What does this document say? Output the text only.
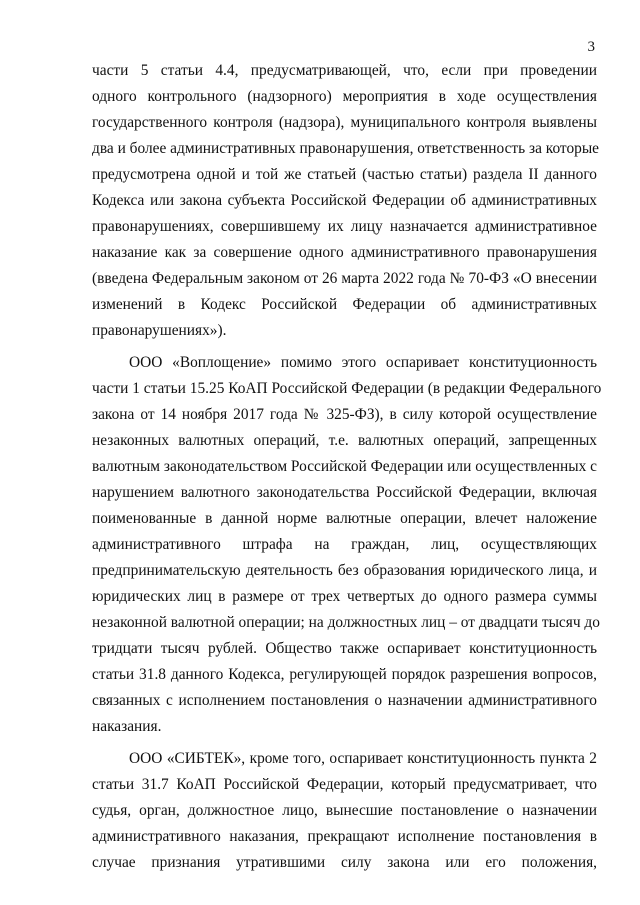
3
части 5 статьи 4.4, предусматривающей, что, если при проведении
одного контрольного (надзорного) мероприятия в ходе осуществления
государственного контроля (надзора), муниципального контроля выявлены
два и более административных правонарушения, ответственность за которые
предусмотрена одной и той же статьей (частью статьи) раздела II данного
Кодекса или закона субъекта Российской Федерации об административных
правонарушениях, совершившему их лицу назначается административное
наказание как за совершение одного административного правонарушения
(введена Федеральным законом от 26 марта 2022 года № 70-ФЗ «О внесении
изменений в Кодекс Российской Федерации об административных
правонарушениях»).
ООО «Воплощение» помимо этого оспаривает конституционность
части 1 статьи 15.25 КоАП Российской Федерации (в редакции Федерального
закона от 14 ноября 2017 года № 325-ФЗ), в силу которой осуществление
незаконных валютных операций, т.е. валютных операций, запрещенных
валютным законодательством Российской Федерации или осуществленных с
нарушением валютного законодательства Российской Федерации, включая
поименованные в данной норме валютные операции, влечет наложение
административного штрафа на граждан, лиц, осуществляющих
предпринимательскую деятельность без образования юридического лица, и
юридических лиц в размере от трех четвертых до одного размера суммы
незаконной валютной операции; на должностных лиц – от двадцати тысяч до
тридцати тысяч рублей. Общество также оспаривает конституционность
статьи 31.8 данного Кодекса, регулирующей порядок разрешения вопросов,
связанных с исполнением постановления о назначении административного
наказания.
ООО «СИБТЕК», кроме того, оспаривает конституционность пункта 2
статьи 31.7 КоАП Российской Федерации, который предусматривает, что
судья, орган, должностное лицо, вынесшие постановление о назначении
административного наказания, прекращают исполнение постановления в
случае признания утратившими силу закона или его положения,
